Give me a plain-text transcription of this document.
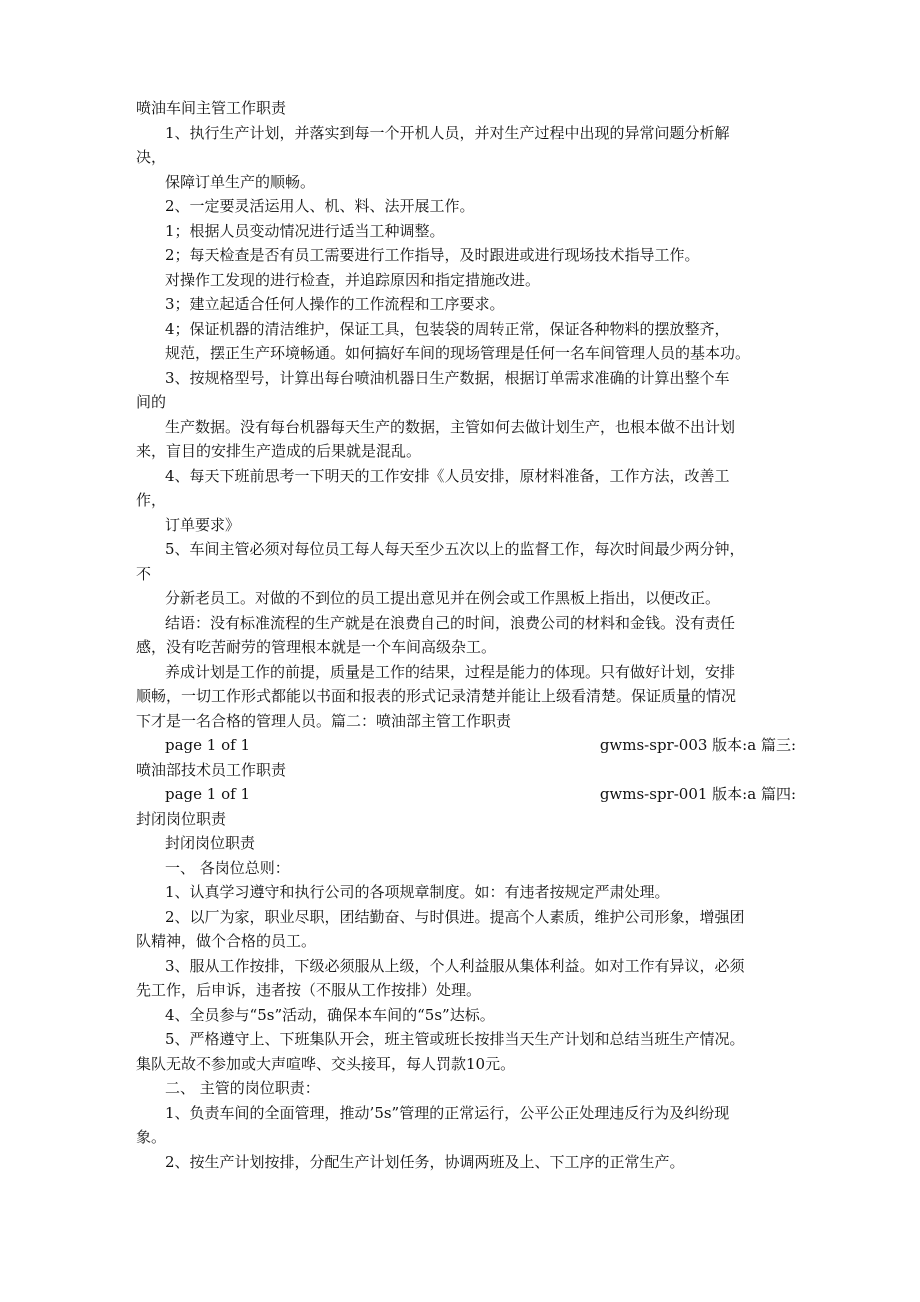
喷油车间主管工作职责
1、执行生产计划，并落实到每一个开机人员，并对生产过程中出现的异常问题分析解
决，
保障订单生产的顺畅。
2、一定要灵活运用人、机、料、法开展工作。
1；根据人员变动情况进行适当工种调整。
2；每天检查是否有员工需要进行工作指导，及时跟进或进行现场技术指导工作。
对操作工发现的进行检查，并追踪原因和指定措施改进。
3；建立起适合任何人操作的工作流程和工序要求。
4；保证机器的清洁维护，保证工具，包装袋的周转正常，保证各种物料的摆放整齐，
规范，摆正生产环境畅通。如何搞好车间的现场管理是任何一名车间管理人员的基本功。
3、按规格型号，计算出每台喷油机器日生产数据，根据订单需求准确的计算出整个车
间的
生产数据。没有每台机器每天生产的数据，主管如何去做计划生产，也根本做不出计划
来，盲目的安排生产造成的后果就是混乱。
4、每天下班前思考一下明天的工作安排《人员安排，原材料准备，工作方法，改善工
作，
订单要求》
5、车间主管必须对每位员工每人每天至少五次以上的监督工作，每次时间最少两分钟，
不
分新老员工。对做的不到位的员工提出意见并在例会或工作黑板上指出，以便改正。
结语：没有标准流程的生产就是在浪费自己的时间，浪费公司的材料和金钱。没有责任
感，没有吃苦耐劳的管理根本就是一个车间高级杂工。
养成计划是工作的前提，质量是工作的结果，过程是能力的体现。只有做好计划，安排
顺畅，一切工作形式都能以书面和报表的形式记录清楚并能让上级看清楚。保证质量的情况
下才是一名合格的管理人员。篇二：喷油部主管工作职责
page 1 of 1	gwms-spr-003 版本:a 篇三:
喷油部技术员工作职责
page 1 of 1	gwms-spr-001 版本:a 篇四:
封闭岗位职责
封闭岗位职责
一、 各岗位总则：
1、认真学习遵守和执行公司的各项规章制度。如：有违者按规定严肃处理。
2、以厂为家，职业尽职，团结勤奋、与时俱进。提高个人素质，维护公司形象，增强团
队精神，做个合格的员工。
3、服从工作按排，下级必须服从上级，个人利益服从集体利益。如对工作有异议，必须
先工作，后申诉，违者按（不服从工作按排）处理。
4、全员参与“5s”活动，确保本车间的“5s”达标。
5、严格遵守上、下班集队开会，班主管或班长按排当天生产计划和总结当班生产情况。
集队无故不参加或大声喧哗、交头接耳，每人罚款10元。
二、 主管的岗位职责：
1、负责车间的全面管理，推动’5s”管理的正常运行，公平公正处理违反行为及纠纷现
象。
2、按生产计划按排，分配生产计划任务，协调两班及上、下工序的正常生产。
